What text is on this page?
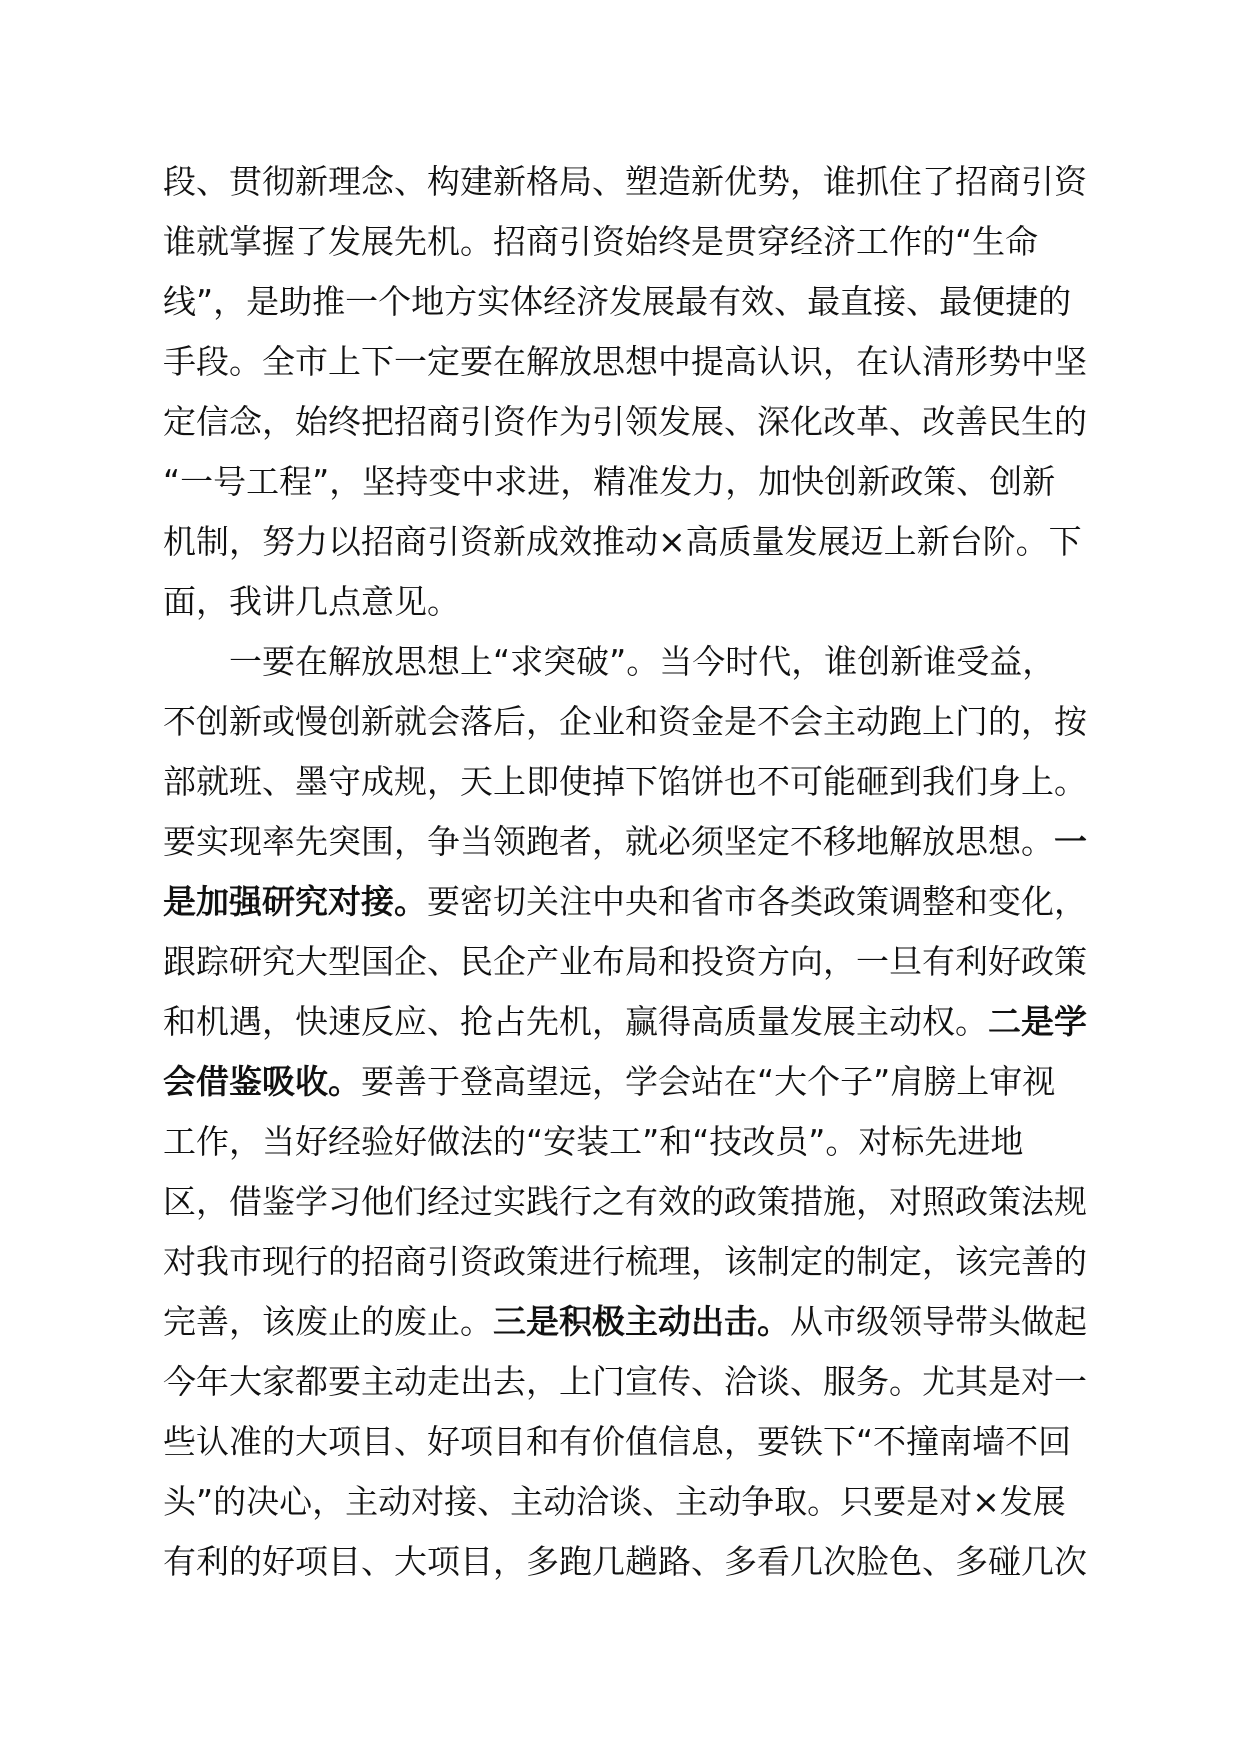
段、贯彻新理念、构建新格局、塑造新优势，谁抓住了招商引资
谁就掌握了发展先机。招商引资始终是贯穿经济工作的“生命
线”，是助推一个地方实体经济发展最有效、最直接、最便捷的
手段。全市上下一定要在解放思想中提高认识，在认清形势中坚
定信念，始终把招商引资作为引领发展、深化改革、改善民生的
“一号工程”，坚持变中求进，精准发力，加快创新政策、创新
机制，努力以招商引资新成效推动×高质量发展迈上新台阶。下
面，我讲几点意见。
　　一要在解放思想上“求突破”。当今时代，谁创新谁受益，
不创新或慢创新就会落后，企业和资金是不会主动跑上门的，按
部就班、墨守成规，天上即使掉下馅饼也不可能砸到我们身上。
要实现率先突围，争当领跑者，就必须坚定不移地解放思想。一
是加强研究对接。要密切关注中央和省市各类政策调整和变化，
跟踪研究大型国企、民企产业布局和投资方向，一旦有利好政策
和机遇，快速反应、抢占先机，赢得高质量发展主动权。二是学
会借鉴吸收。要善于登高望远，学会站在“大个子”肩膀上审视
工作，当好经验好做法的“安装工”和“技改员”。对标先进地
区，借鉴学习他们经过实践行之有效的政策措施，对照政策法规
对我市现行的招商引资政策进行梳理，该制定的制定，该完善的
完善，该废止的废止。三是积极主动出击。从市级领导带头做起
今年大家都要主动走出去，上门宣传、洽谈、服务。尤其是对一
些认准的大项目、好项目和有价值信息，要铁下“不撞南墙不回
头”的决心，主动对接、主动洽谈、主动争取。只要是对×发展
有利的好项目、大项目，多跑几趟路、多看几次脸色、多碰几次
